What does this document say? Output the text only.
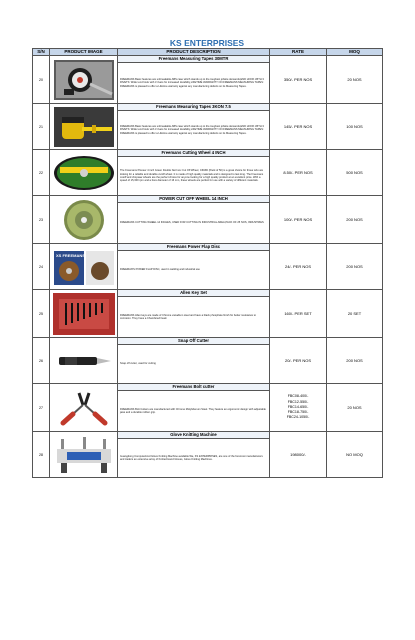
KS ENTERPRISES
S/N	PRODUCT IMAGE	PRODUCT DESCRIPTION	RATE	MOQ
20		Freemans Measuring Tapes 30MTR	350/- PER NOS	20 NOS
		FREEMANS Basic features are unbreakable ABS case which stands up to the toughest jobsite demands,END HOOK WITH 3 RIVETS: Wider end hook with 3 rivets for increased durability,LIFETIME WARRANTY ON FREEMANS MEASURING TAPES: FREEMANS is pleased to offer a Lifetime warranty against any manufacturing defects on its Measuring Tapes.		
21		Freemans Measuring Tapes 3KON 7.5	145/- PER NOS	100 NOS
		FREEMANS Basic features are unbreakable ABS case which stands up to the toughest jobsite demands,END HOOK WITH 3 RIVETS: Wider end hook with 3 rivets for increased durability,LIFETIME WARRANTY ON FREEMANS MEASURING TAPES: FREEMANS is pleased to offer a Lifetime warranty against any manufacturing defects on its Measuring Tapes.		
22		Freemans Cutting Wheel 4 INCH	8.50/- PER NOS	500 NOS
		The Freemans Pioneer 4 inch Green Double Net Inox Cut Off Wheel, C60ZD (Pack of 50) is a great choice for those who are looking for a reliable and durable cutoff wheel. It is made of high quality materials and is designed to last long. The Freemans cutoff and chopsaw wheels are the perfect choice for anyone looking for a high quality product at an excellent price. With a speed of 15,300 rpm and a bore diameter of 16 mm, these wheels are perfect for use with a variety of different materials.		
23		POWER CUT OFF WHEEL 14 INCH	100/- PER NOS	200 NOS
		FREEMANS CUTTING WHEEL 14 INCHES, USED FOR CUTTING IN INDUSTRIAL AREA,PACK OF 25 NOS, INDUSTRIES		
24	XS FREEMANS	Freemans Power Flap Disc	24/- PER NOS	200 NOS
		FREEMAN'S POWER FLAP DISC, used in welding and industrial use		
25		Allen Key Set	160/- PER SET	20 SET
		FREEMANS Allen keys are made of Chrome vanadium steel and have a black phosphate finish for better resistance to corrosion. They have a Chamfered head.		
26		Snap Off Cutter	20/- PER NOS	200 NOS
		Snap off cutter, used for cutting		
27		Freemans Bolt cutter	FBC08-400/-
FBC12-550/-
FBC14-650/-
FBC18-750/-
FBC24-1050/-	20 NOS
		FREEMANS Bolt Cutters are manufactured with Chrome Molybdenum Steel. They feature an ergonomic design with adjustable jaws and a durable rubber grip.		
28		Glove Knitting Machine	198000/-	NO MOQ
		Guangdong Computerized Glove Knitting Machine available.We, KS ENTERPRISES, are one of the foremost manufacturers and traders an extensive array of Knitted Hand Gloves, Glove Knitting Machines.		
